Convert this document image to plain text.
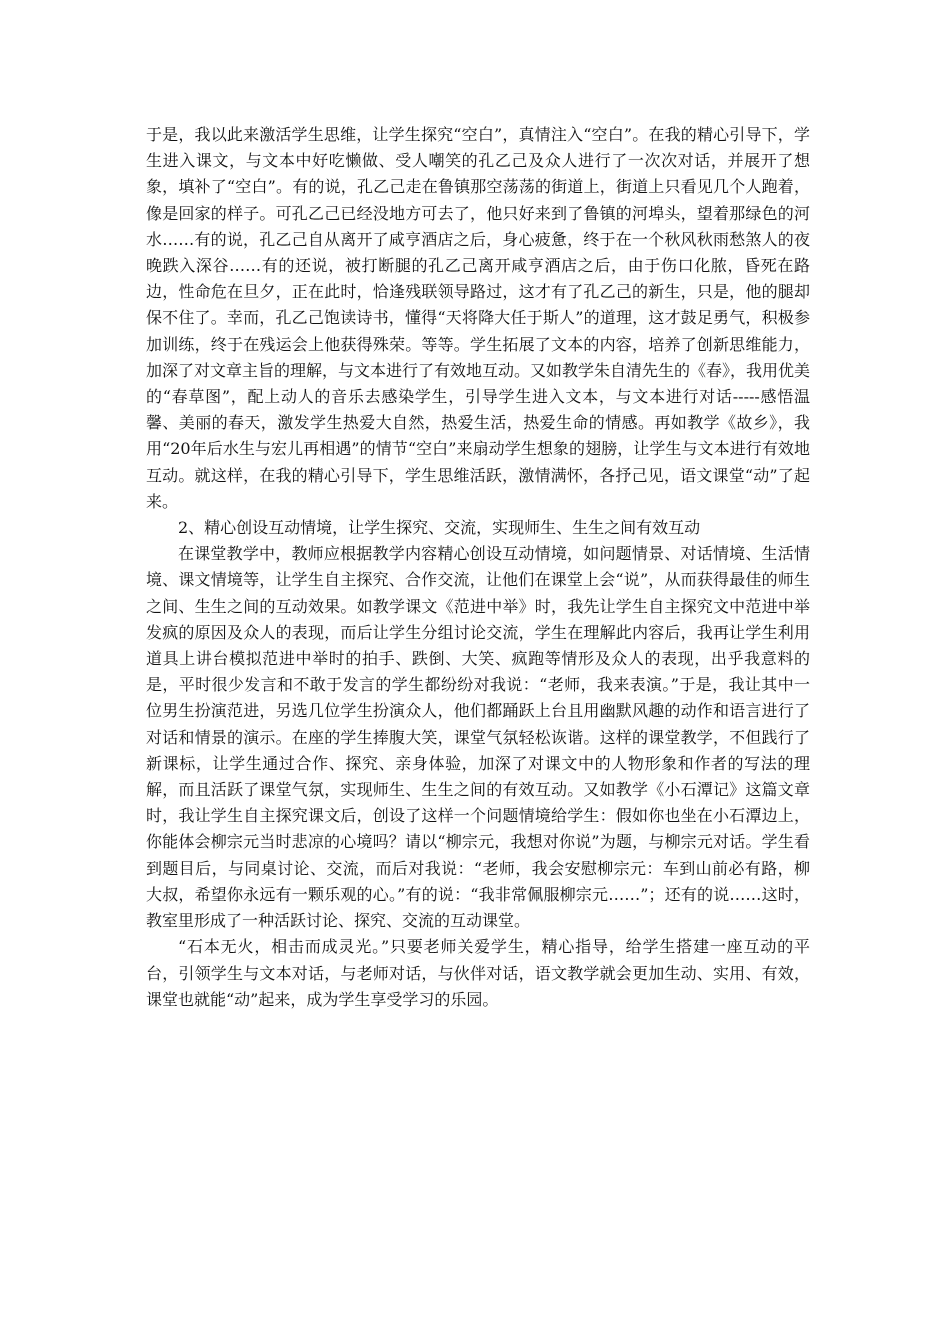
于是，我以此来激活学生思维，让学生探究“空白”，真情注入“空白”。在我的精心引导下，学生进入课文，与文本中好吃懒做、受人嘲笑的孔乙己及众人进行了一次次对话，并展开了想象，填补了“空白”。有的说，孔乙己走在鲁镇那空荡荡的街道上，街道上只看见几个人跑着，像是回家的样子。可孔乙己已经没地方可去了，他只好来到了鲁镇的河埠头，望着那绿色的河水……有的说，孔乙己自从离开了咸亨酒店之后，身心疲惫，终于在一个秋风秋雨愁煞人的夜晚跌入深谷……有的还说，被打断腿的孔乙己离开咸亨酒店之后，由于伤口化脓，昏死在路边，性命危在旦夕，正在此时，恰逢残联领导路过，这才有了孔乙己的新生，只是，他的腿却保不住了。幸而，孔乙己饱读诗书，懂得“天将降大任于斯人”的道理，这才鼓足勇气，积极参加训练，终于在残运会上他获得殊荣。等等。学生拓展了文本的内容，培养了创新思维能力，加深了对文章主旨的理解，与文本进行了有效地互动。又如教学朱自清先生的《春》，我用优美的“春草图”，配上动人的音乐去感染学生，引导学生进入文本，与文本进行对话-----感悟温馨、美丽的春天，激发学生热爱大自然，热爱生活，热爱生命的情感。再如教学《故乡》，我用“20年后水生与宏儿再相遇”的情节“空白”来扇动学生想象的翅膀，让学生与文本进行有效地互动。就这样，在我的精心引导下，学生思维活跃，激情满怀，各抒己见，语文课堂“动”了起来。

2、精心创设互动情境，让学生探究、交流，实现师生、生生之间有效互动

在课堂教学中，教师应根据教学内容精心创设互动情境，如问题情景、对话情境、生活情境、课文情境等，让学生自主探究、合作交流，让他们在课堂上会“说”，从而获得最佳的师生之间、生生之间的互动效果。如教学课文《范进中举》时，我先让学生自主探究文中范进中举发疯的原因及众人的表现，而后让学生分组讨论交流，学生在理解此内容后，我再让学生利用道具上讲台模拟范进中举时的拍手、跌倒、大笑、疯跑等情形及众人的表现，出乎我意料的是，平时很少发言和不敢于发言的学生都纷纷对我说：“老师，我来表演。”于是，我让其中一位男生扮演范进，另选几位学生扮演众人，他们都踊跃上台且用幽默风趣的动作和语言进行了对话和情景的演示。在座的学生捧腹大笑，课堂气氛轻松诙谐。这样的课堂教学，不但践行了新课标，让学生通过合作、探究、亲身体验，加深了对课文中的人物形象和作者的写法的理解，而且活跃了课堂气氛，实现师生、生生之间的有效互动。又如教学《小石潭记》这篇文章时，我让学生自主探究课文后，创设了这样一个问题情境给学生：假如你也坐在小石潭边上，你能体会柳宗元当时悲凉的心境吗？请以“柳宗元，我想对你说”为题，与柳宗元对话。学生看到题目后，与同桌讨论、交流，而后对我说：“老师，我会安慰柳宗元：车到山前必有路，柳大叔，希望你永远有一颗乐观的心。”有的说：“我非常佩服柳宗元……”；还有的说……这时，教室里形成了一种活跃讨论、探究、交流的互动课堂。

“石本无火，相击而成灵光。”只要老师关爱学生，精心指导，给学生搭建一座互动的平台，引领学生与文本对话，与老师对话，与伙伴对话，语文教学就会更加生动、实用、有效，课堂也就能“动”起来，成为学生享受学习的乐园。
